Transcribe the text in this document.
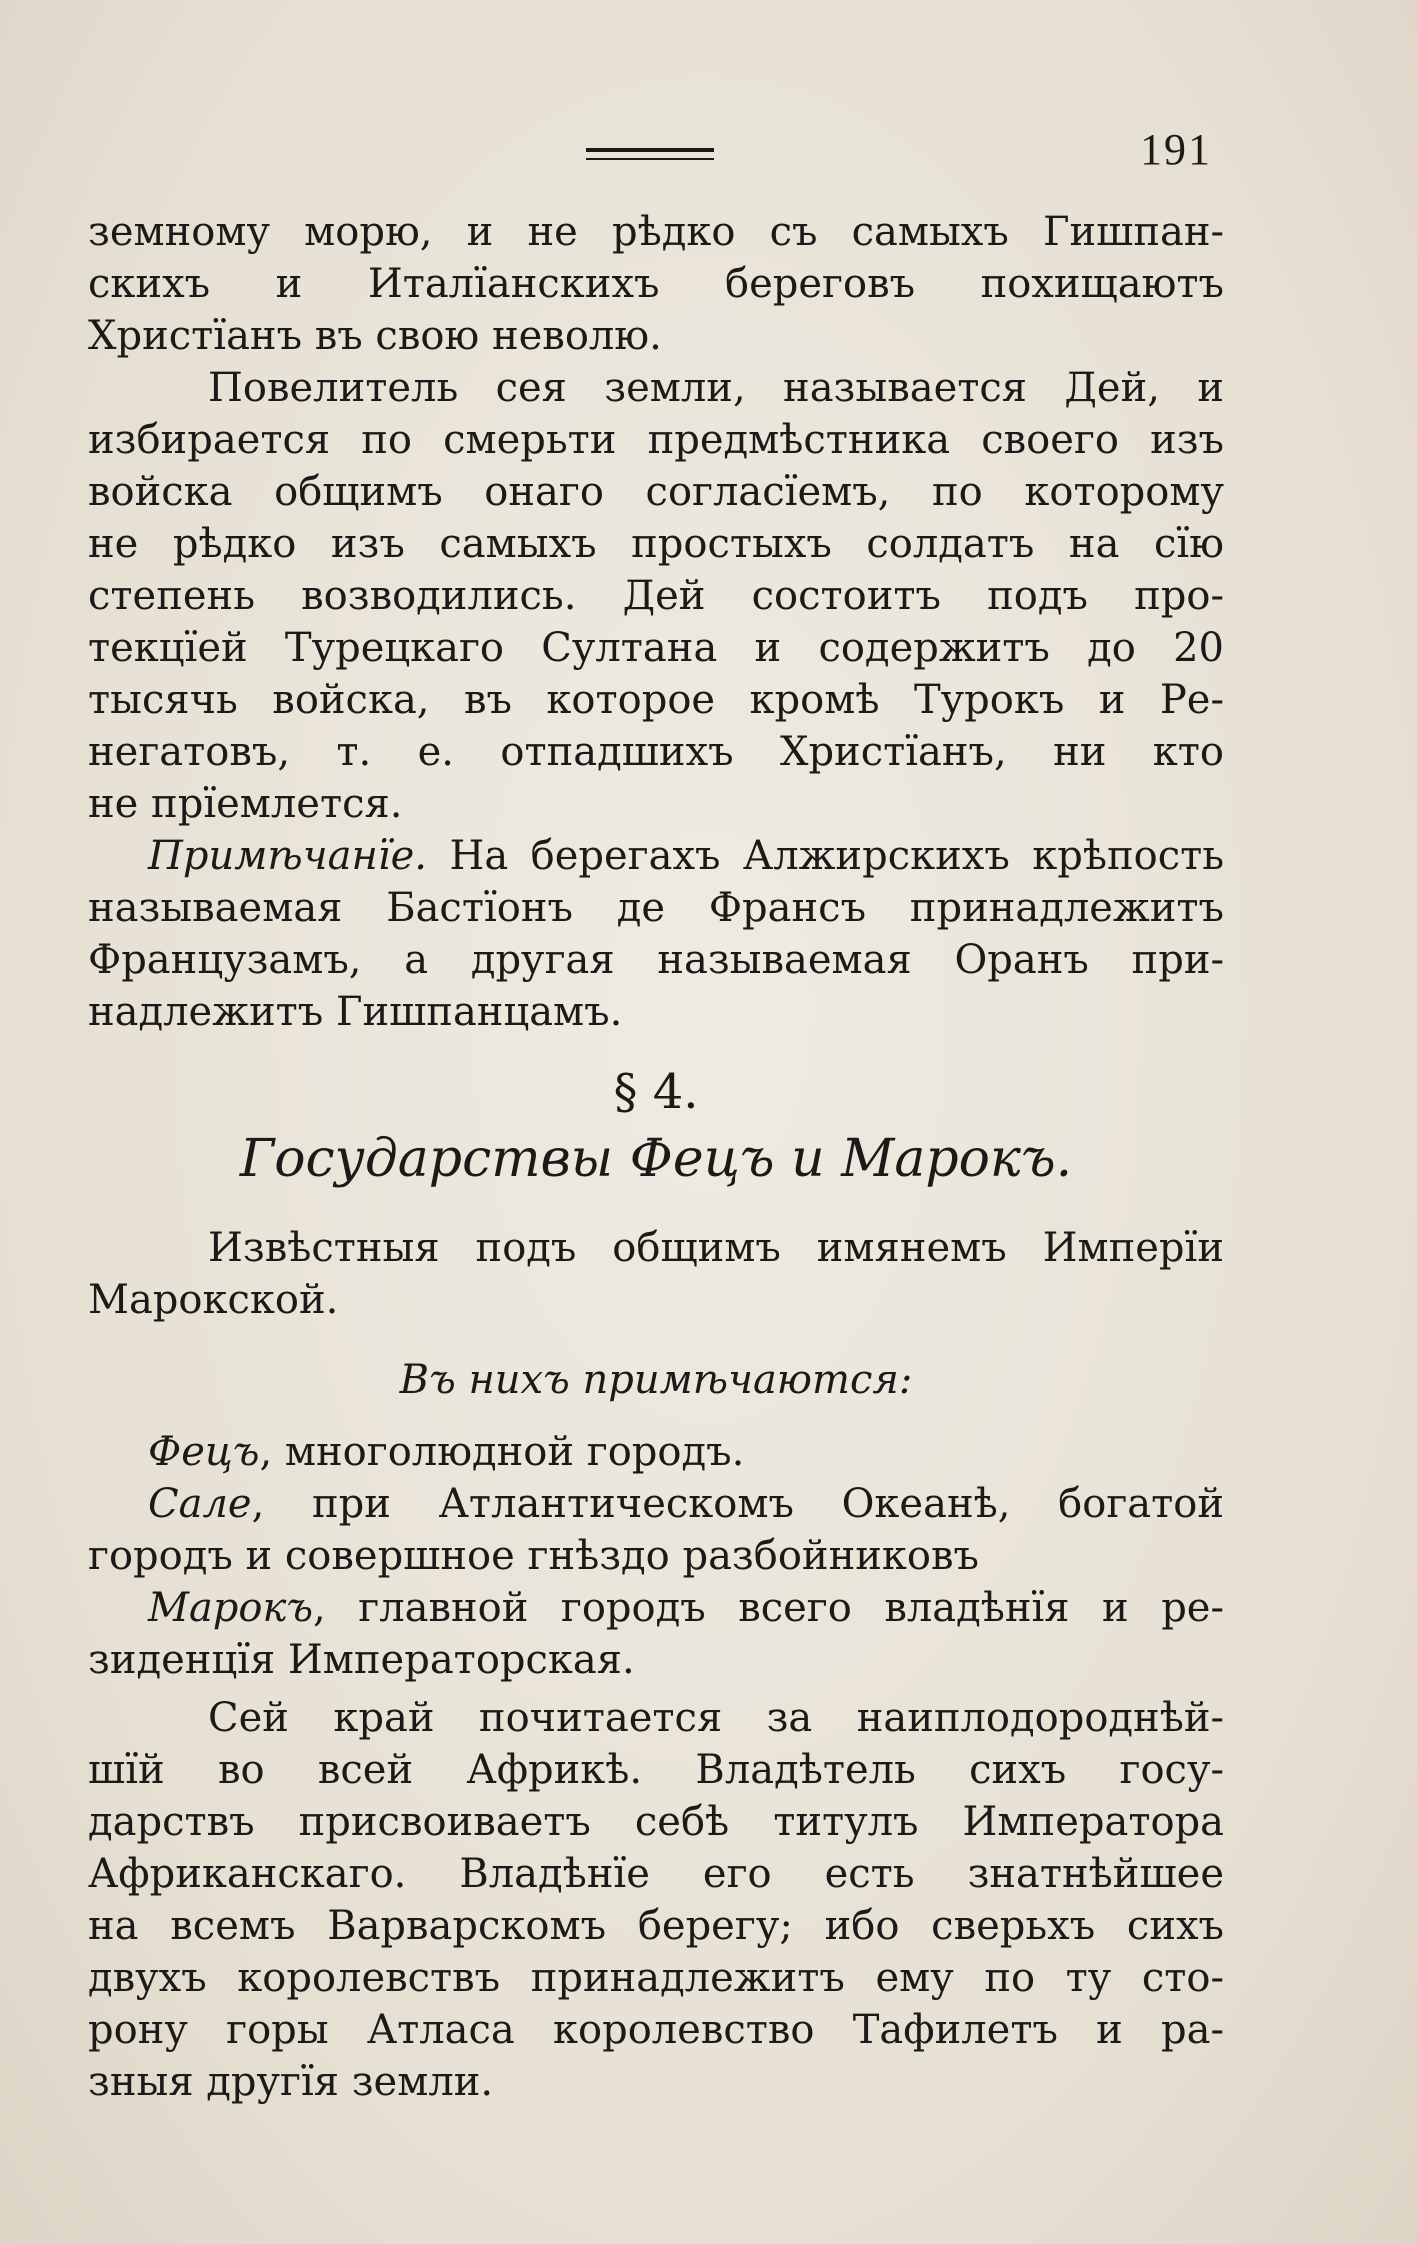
191
земному морю, и не рѣдко съ самыхъ Гишпан-
скихъ и Италїанскихъ береговъ похищаютъ
Христїанъ въ свою неволю.
Повелитель сея земли, называется Дей, и
избирается по смерьти предмѣстника своего изъ
войска общимъ онаго согласїемъ, по которому
не рѣдко изъ самыхъ простыхъ солдатъ на сїю
степень возводились. Дей состоитъ подъ про-
текцїей Турецкаго Султана и содержитъ до 20
тысячь войска, въ которое кромѣ Турокъ и Ре-
негатовъ, т. е. отпадшихъ Христїанъ, ни кто
не прїемлется.
Примѣчанїе. На берегахъ Алжирскихъ крѣпость
называемая Бастїонъ де Франсъ принадлежитъ
Французамъ, а другая называемая Оранъ при-
надлежитъ Гишпанцамъ.
§ 4.
Государствы Фецъ и Марокъ.
Извѣстныя подъ общимъ имянемъ Имперїи
Марокской.
Въ нихъ примѣчаются:
Фецъ, многолюдной городъ.
Сале, при Атлантическомъ Океанѣ, богатой
городъ и совершное гнѣздо разбойниковъ
Марокъ, главной городъ всего владѣнїя и ре-
зиденцїя Императорская.
Сей край почитается за наиплодороднѣй-
шїй во всей Африкѣ. Владѣтель сихъ госу-
дарствъ присвоиваетъ себѣ титулъ Императора
Африканскаго. Владѣнїе его есть знатнѣйшее
на всемъ Варварскомъ берегу; ибо сверьхъ сихъ
двухъ королевствъ принадлежитъ ему по ту сто-
рону горы Атласа королевство Тафилетъ и ра-
зныя другїя земли.
